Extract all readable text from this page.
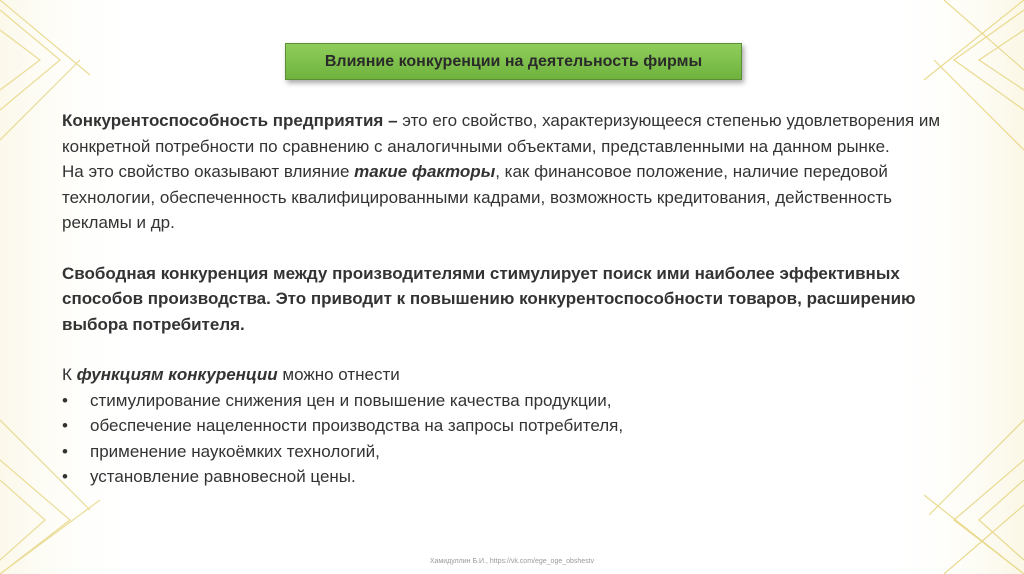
Влияние конкуренции на деятельность фирмы

Конкурентоспособность предприятия – это его свойство, характеризующееся степенью удовлетворения им конкретной потребности по сравнению с аналогичными объектами, представленными на данном рынке.

На это свойство оказывают влияние такие факторы, как финансовое положение, наличие передовой технологии, обеспеченность квалифицированными кадрами, возможность кредитования, действенность рекламы и др.

Свободная конкуренция между производителями стимулирует поиск ими наиболее эффективных способов производства. Это приводит к повышению конкурентоспособности товаров, расширению выбора потребителя.

К функциям конкуренции можно отнести

• стимулирование снижения цен и повышение качества продукции,
• обеспечение нацеленности производства на запросы потребителя,
• применение наукоёмких технологий,
• установление равновесной цены.
Хамидуллин Б.И., https://vk.com/ege_oge_obshestv
